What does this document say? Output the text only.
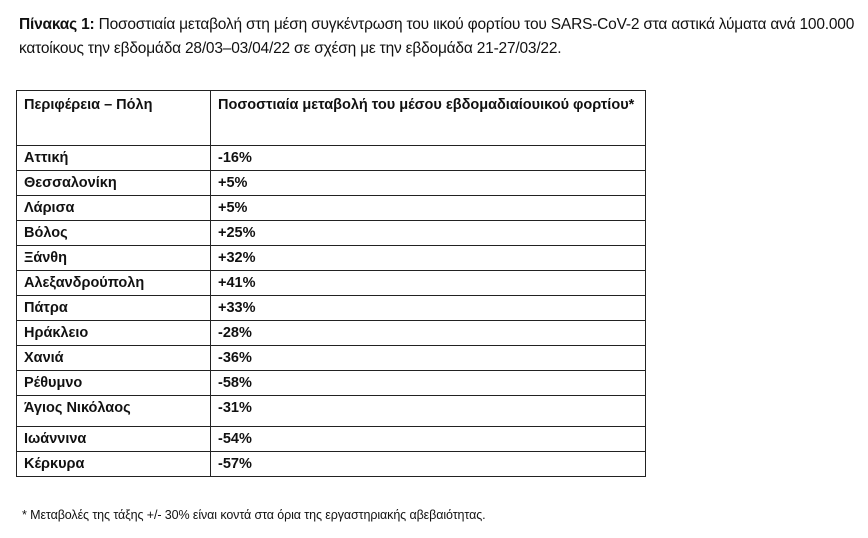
Πίνακας 1: Ποσοστιαία μεταβολή στη μέση συγκέντρωση του ιικού φορτίου του SARS-CoV-2 στα αστικά λύματα ανά 100.000 κατοίκους την εβδομάδα 28/03–03/04/22 σε σχέση με την εβδομάδα 21-27/03/22.
Περιφέρεια – Πόλη	Ποσοστιαία μεταβολή του μέσου εβδομαδιαίουικού φορτίου*
Αττική	-16%
Θεσσαλονίκη	+5%
Λάρισα	+5%
Βόλος	+25%
Ξάνθη	+32%
Αλεξανδρούπολη	+41%
Πάτρα	+33%
Ηράκλειο	-28%
Χανιά	-36%
Ρέθυμνο	-58%
Άγιος Νικόλαος	-31%
Ιωάννινα	-54%
Κέρκυρα	-57%
* Μεταβολές της τάξης +/- 30% είναι κοντά στα όρια της εργαστηριακής αβεβαιότητας.
